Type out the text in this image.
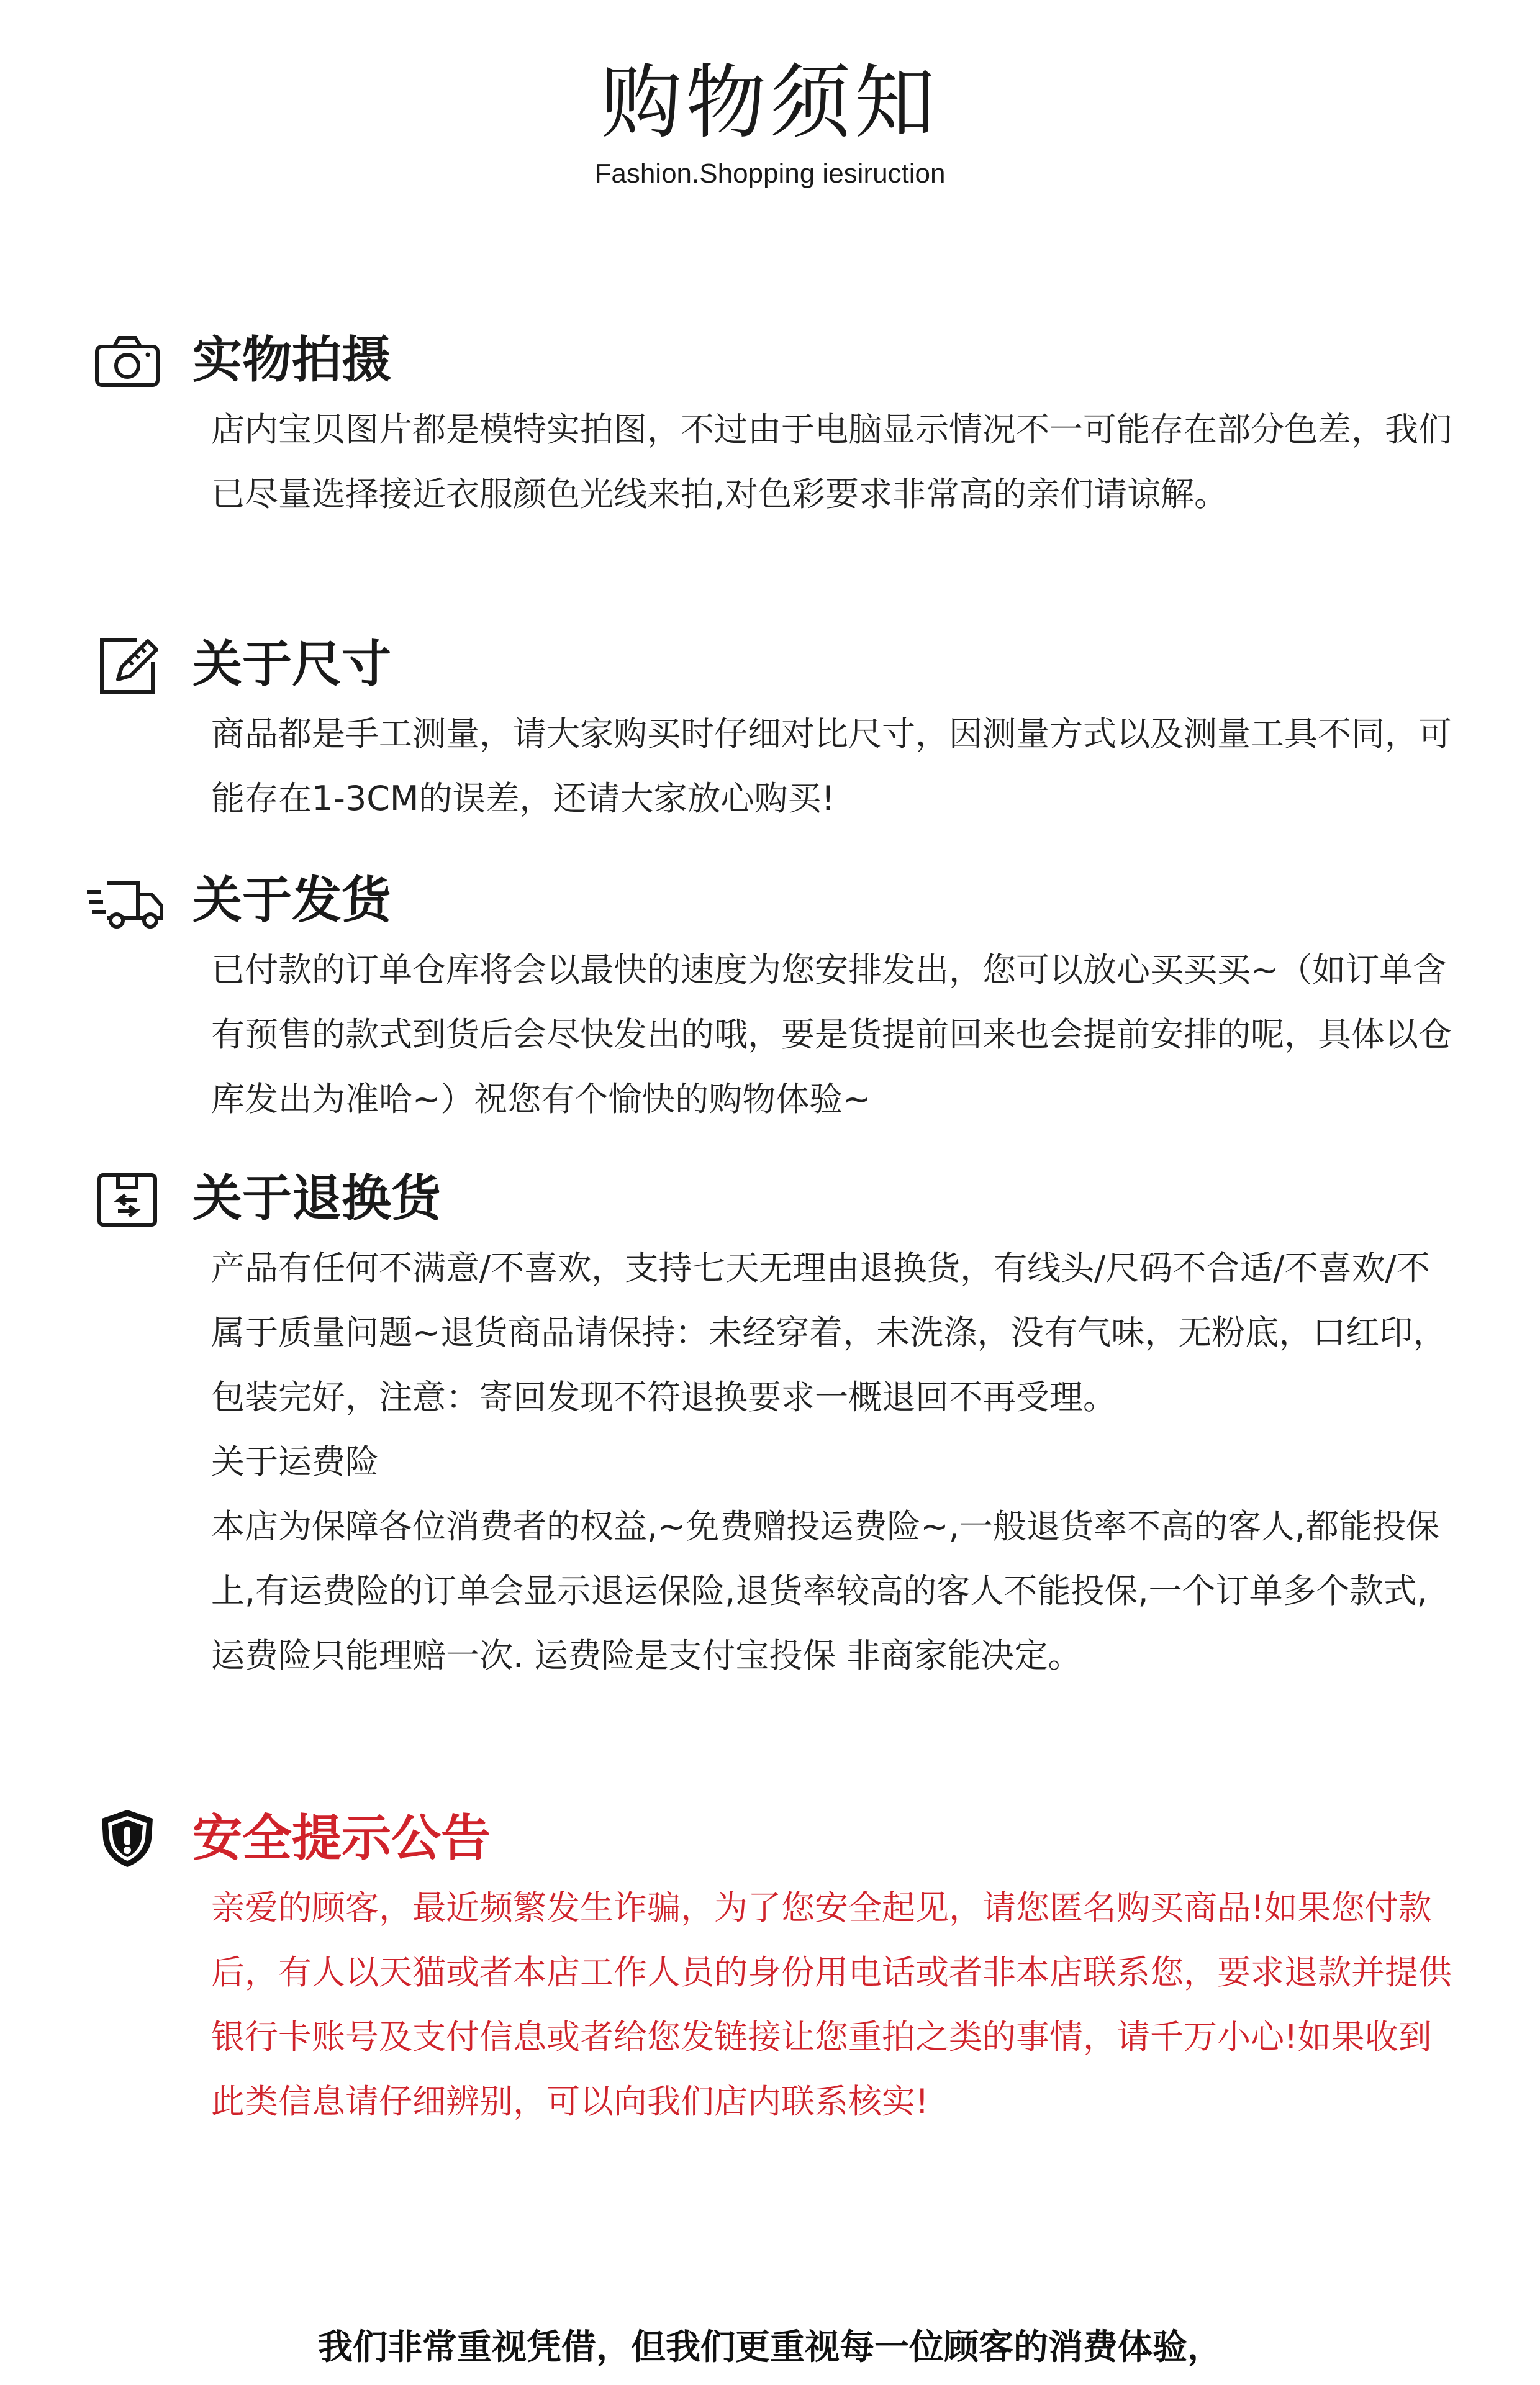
购物须知
Fashion.Shopping iesiruction
实物拍摄

店内宝贝图片都是模特实拍图，不过由于电脑显示情况不一可能存在部分色差，我们已尽量选择接近衣服颜色光线来拍,对色彩要求非常高的亲们请谅解。

关于尺寸

商品都是手工测量，请大家购买时仔细对比尺寸，因测量方式以及测量工具不同，可能存在1-3CM的误差，还请大家放心购买!

关于发货

已付款的订单仓库将会以最快的速度为您安排发出，您可以放心买买买~（如订单含有预售的款式到货后会尽快发出的哦，要是货提前回来也会提前安排的呢，具体以仓库发出为准哈~）祝您有个愉快的购物体验~

关于退换货

产品有任何不满意/不喜欢，支持七天无理由退换货，有线头/尺码不合适/不喜欢/不属于质量问题~退货商品请保持：未经穿着，未洗涤，没有气味，无粉底，口红印，包装完好，注意：寄回发现不符退换要求一概退回不再受理。

关于运费险

本店为保障各位消费者的权益,~免费赠投运费险~,一般退货率不高的客人,都能投保上,有运费险的订单会显示退运保险,退货率较高的客人不能投保,一个订单多个款式,运费险只能理赔一次. 运费险是支付宝投保 非商家能决定。

安全提示公告

亲爱的顾客，最近频繁发生诈骗，为了您安全起见，请您匿名购买商品!如果您付款后，有人以天猫或者本店工作人员的身份用电话或者非本店联系您，要求退款并提供银行卡账号及支付信息或者给您发链接让您重拍之类的事情，请千万小心!如果收到此类信息请仔细辨别，可以向我们店内联系核实!

我们非常重视凭借，但我们更重视每一位顾客的消费体验，
